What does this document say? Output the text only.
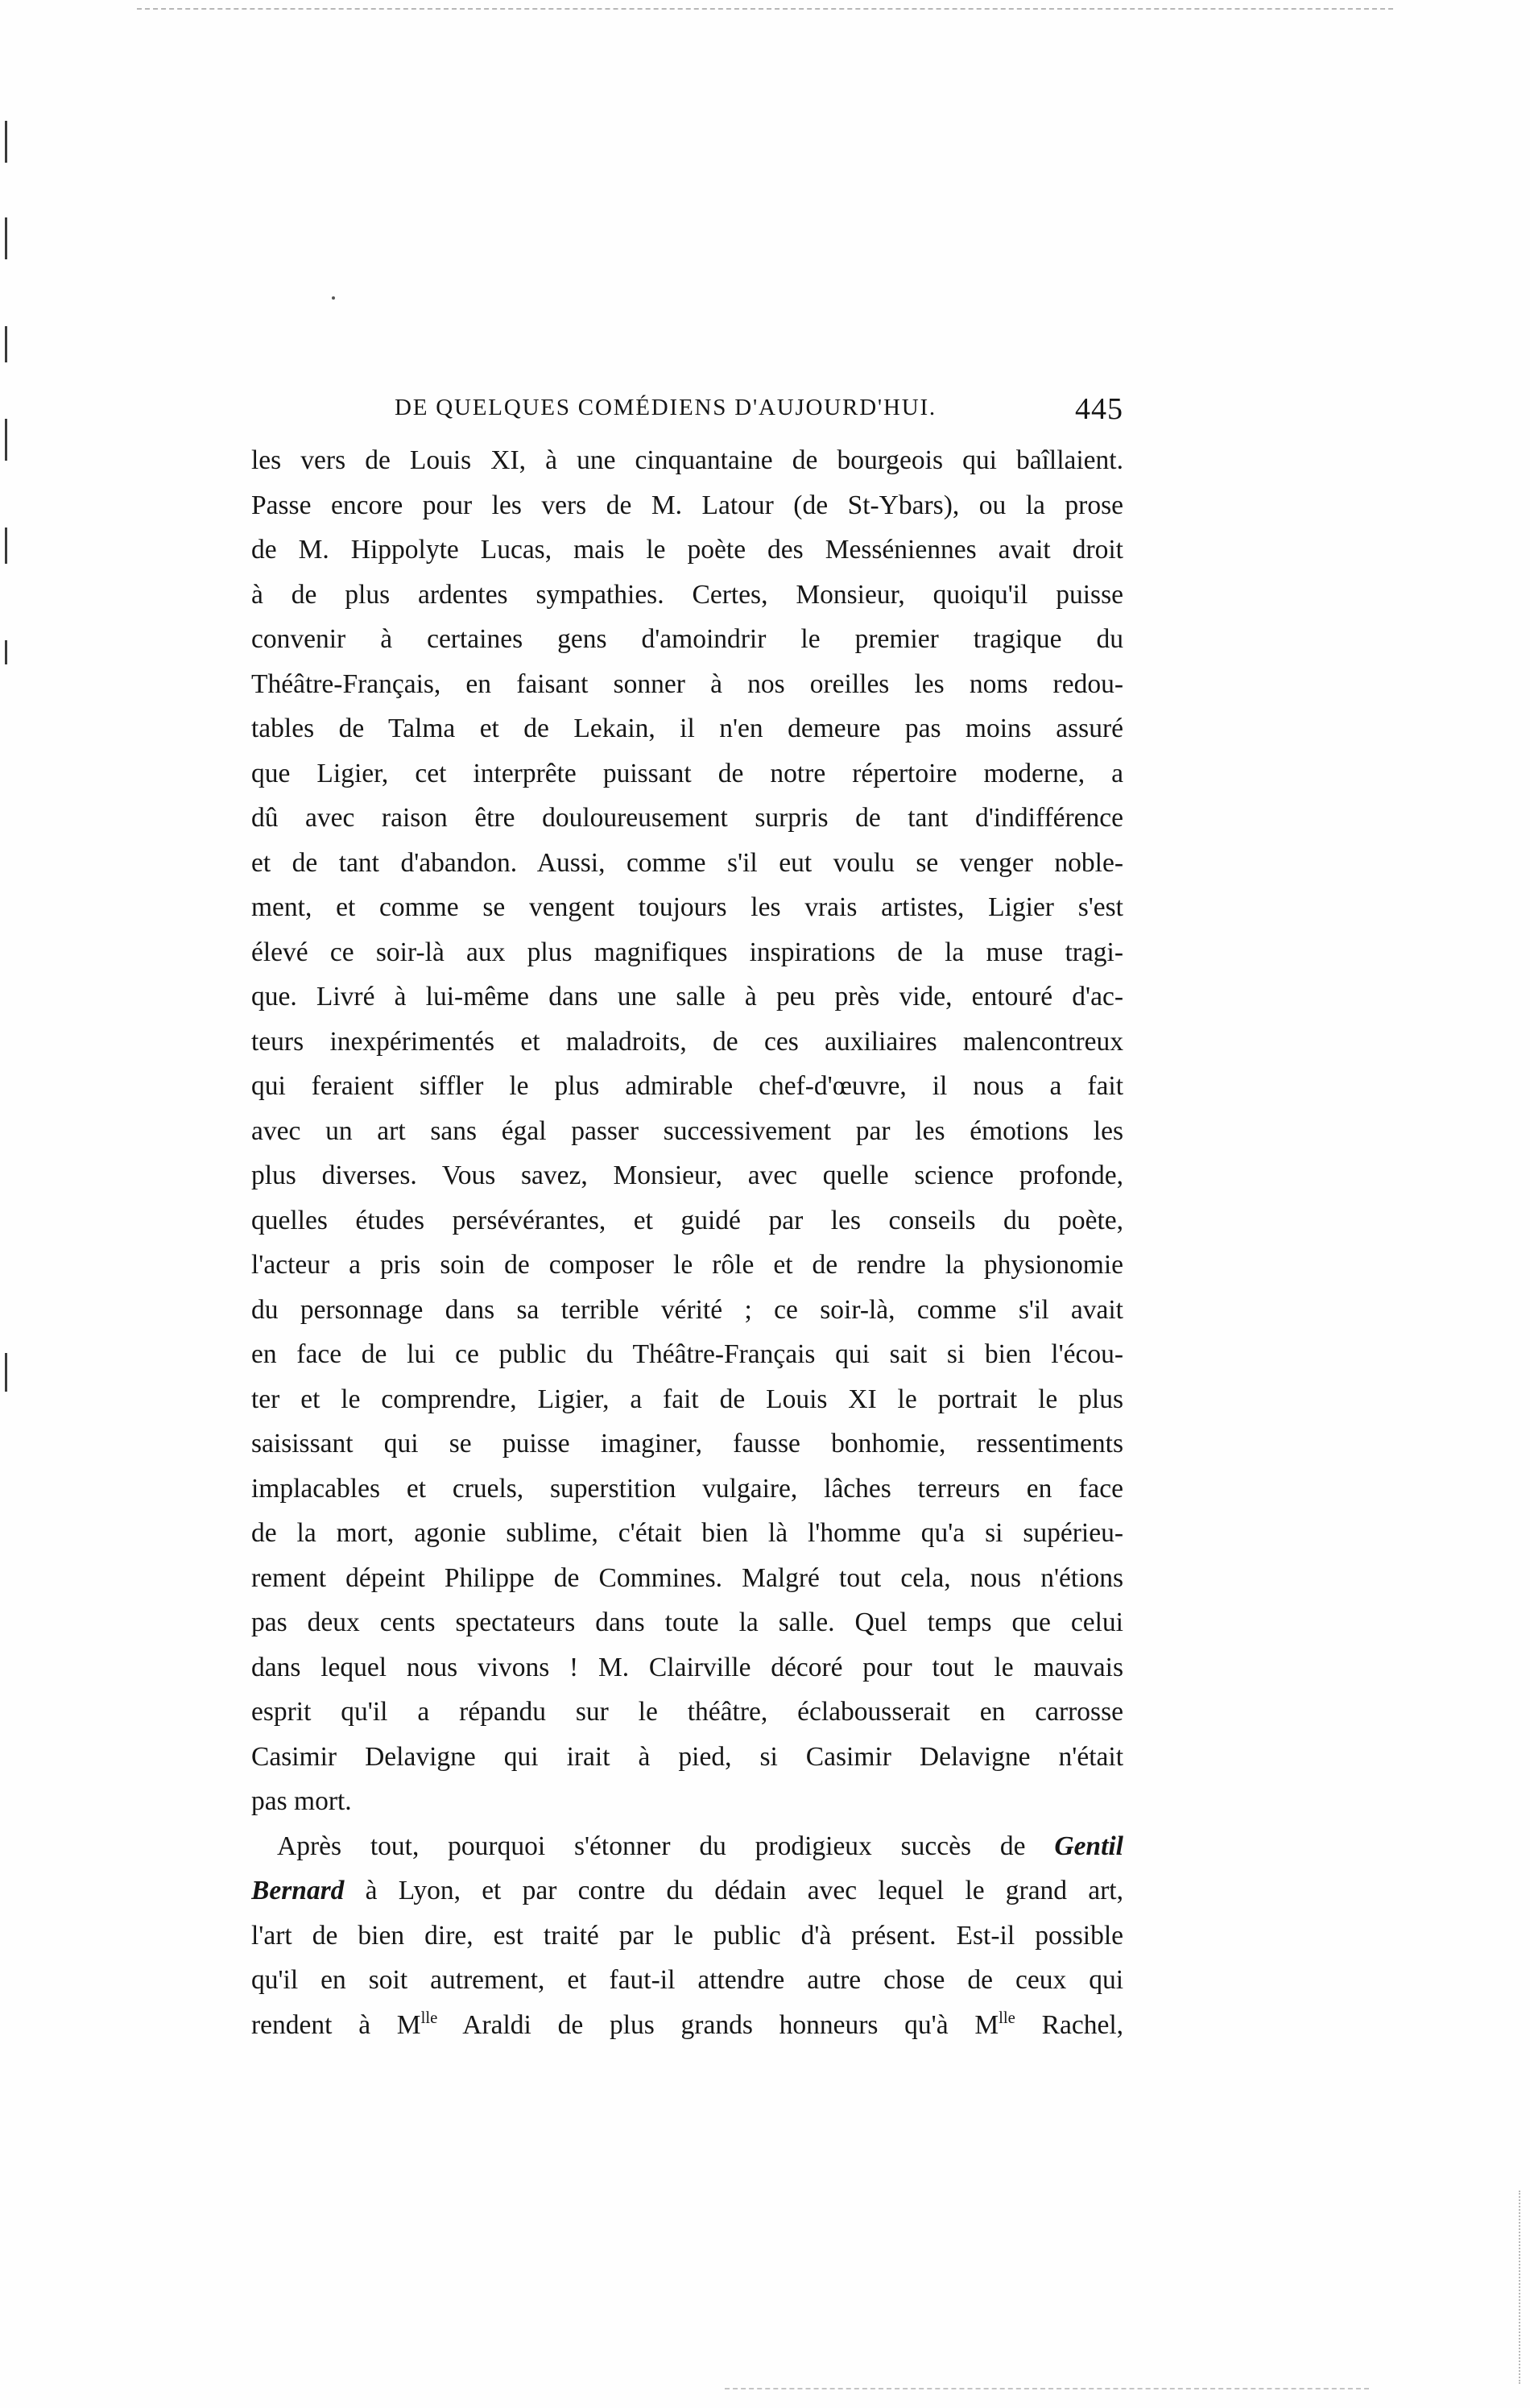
DE QUELQUES COMÉDIENS D'AUJOURD'HUI.	445
les vers de Louis XI, à une cinquantaine de bourgeois qui baîllaient.
Passe encore pour les vers de M. Latour (de St-Ybars), ou la prose
de M. Hippolyte Lucas, mais le poète des Messéniennes avait droit
à de plus ardentes sympathies. Certes, Monsieur, quoiqu'il puisse
convenir à certaines gens d'amoindrir le premier tragique du
Théâtre-Français, en faisant sonner à nos oreilles les noms redou-
tables de Talma et de Lekain, il n'en demeure pas moins assuré
que Ligier, cet interprête puissant de notre répertoire moderne, a
dû avec raison être douloureusement surpris de tant d'indifférence
et de tant d'abandon. Aussi, comme s'il eut voulu se venger noble-
ment, et comme se vengent toujours les vrais artistes, Ligier s'est
élevé ce soir-là aux plus magnifiques inspirations de la muse tragi-
que. Livré à lui-même dans une salle à peu près vide, entouré d'ac-
teurs inexpérimentés et maladroits, de ces auxiliaires malencontreux
qui feraient siffler le plus admirable chef-d'œuvre, il nous a fait
avec un art sans égal passer successivement par les émotions les
plus diverses. Vous savez, Monsieur, avec quelle science profonde,
quelles études persévérantes, et guidé par les conseils du poète,
l'acteur a pris soin de composer le rôle et de rendre la physionomie
du personnage dans sa terrible vérité ; ce soir-là, comme s'il avait
en face de lui ce public du Théâtre-Français qui sait si bien l'écou-
ter et le comprendre, Ligier, a fait de Louis XI le portrait le plus
saisissant qui se puisse imaginer, fausse bonhomie, ressentiments
implacables et cruels, superstition vulgaire, lâches terreurs en face
de la mort, agonie sublime, c'était bien là l'homme qu'a si supérieu-
rement dépeint Philippe de Commines. Malgré tout cela, nous n'étions
pas deux cents spectateurs dans toute la salle. Quel temps que celui
dans lequel nous vivons ! M. Clairville décoré pour tout le mauvais
esprit qu'il a répandu sur le théâtre, éclabousserait en carrosse
Casimir Delavigne qui irait à pied, si Casimir Delavigne n'était
pas mort.
Après tout, pourquoi s'étonner du prodigieux succès de Gentil
Bernard à Lyon, et par contre du dédain avec lequel le grand art,
l'art de bien dire, est traité par le public d'à présent. Est-il possible
qu'il en soit autrement, et faut-il attendre autre chose de ceux qui
rendent à $M^{lle}$ Araldi de plus grands honneurs qu'à $M^{lle}$ Rachel,
